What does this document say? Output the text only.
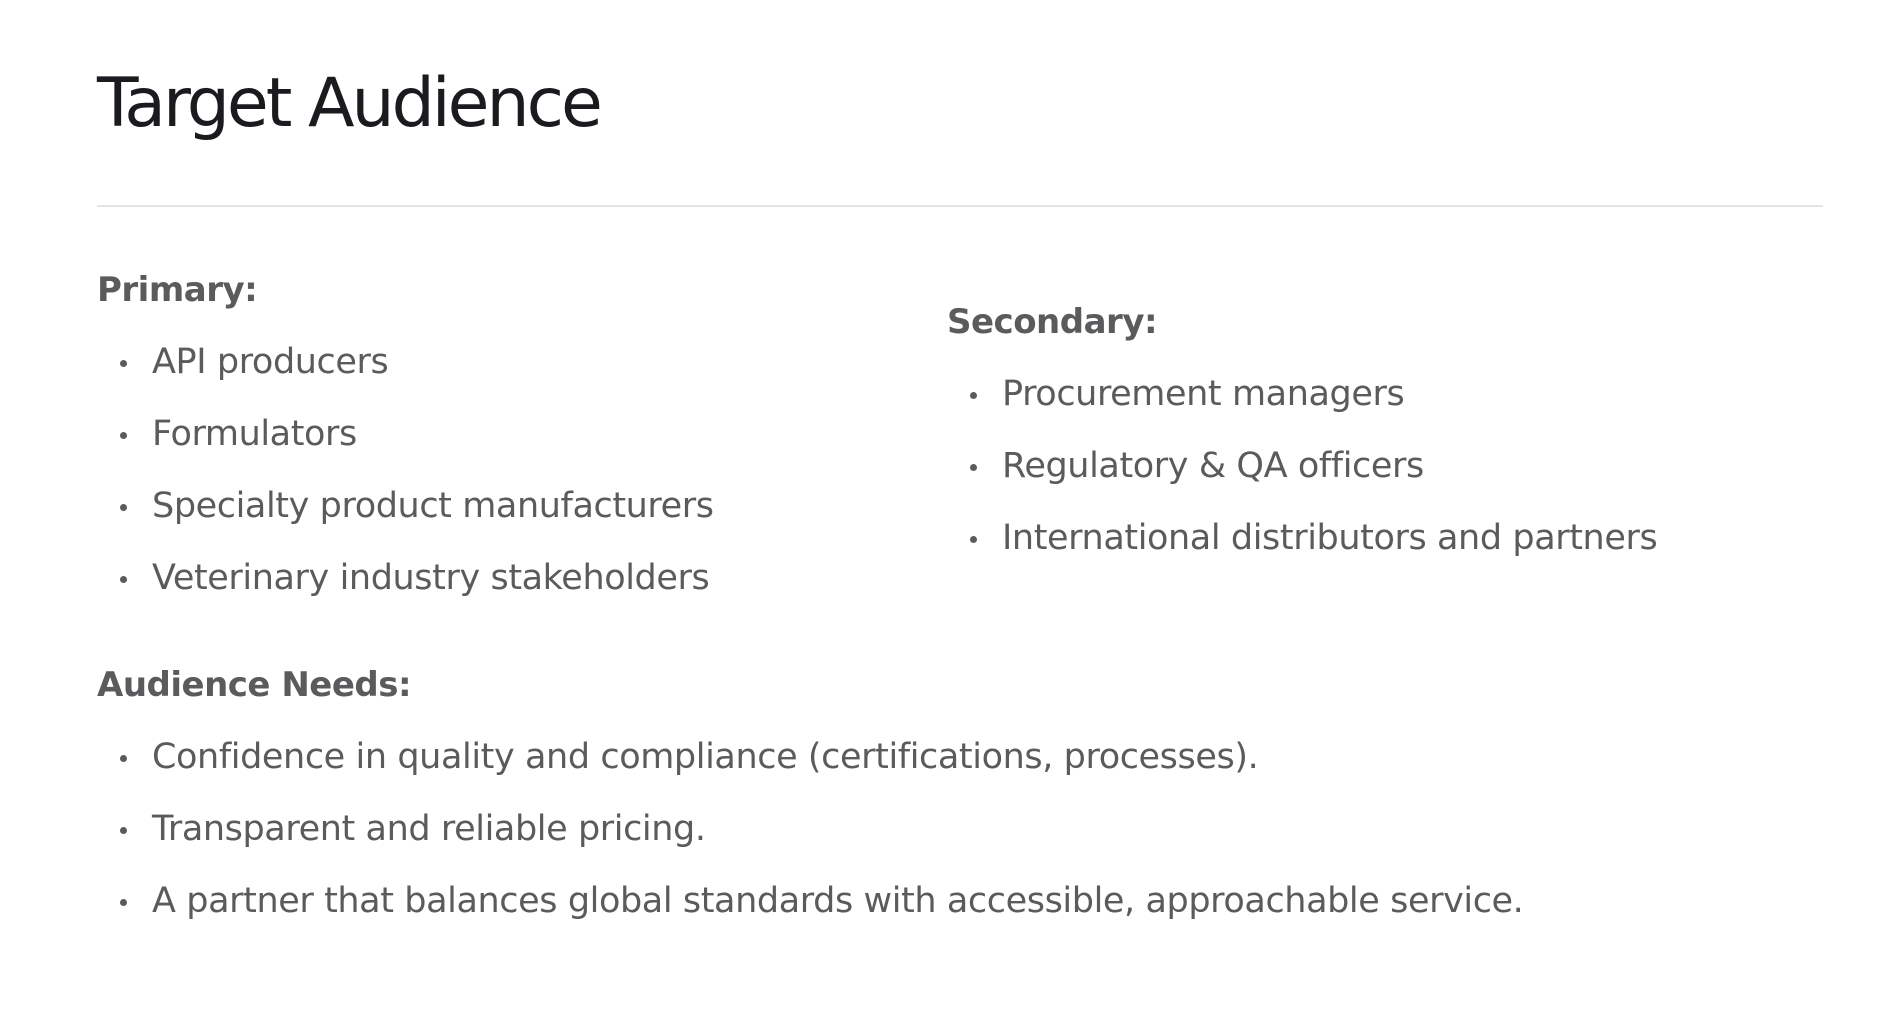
Target Audience
Primary:
API producers
Formulators
Specialty product manufacturers
Veterinary industry stakeholders
Secondary:
Procurement managers
Regulatory & QA officers
International distributors and partners
Audience Needs:
Confidence in quality and compliance (certifications, processes).
Transparent and reliable pricing.
A partner that balances global standards with accessible, approachable service.
